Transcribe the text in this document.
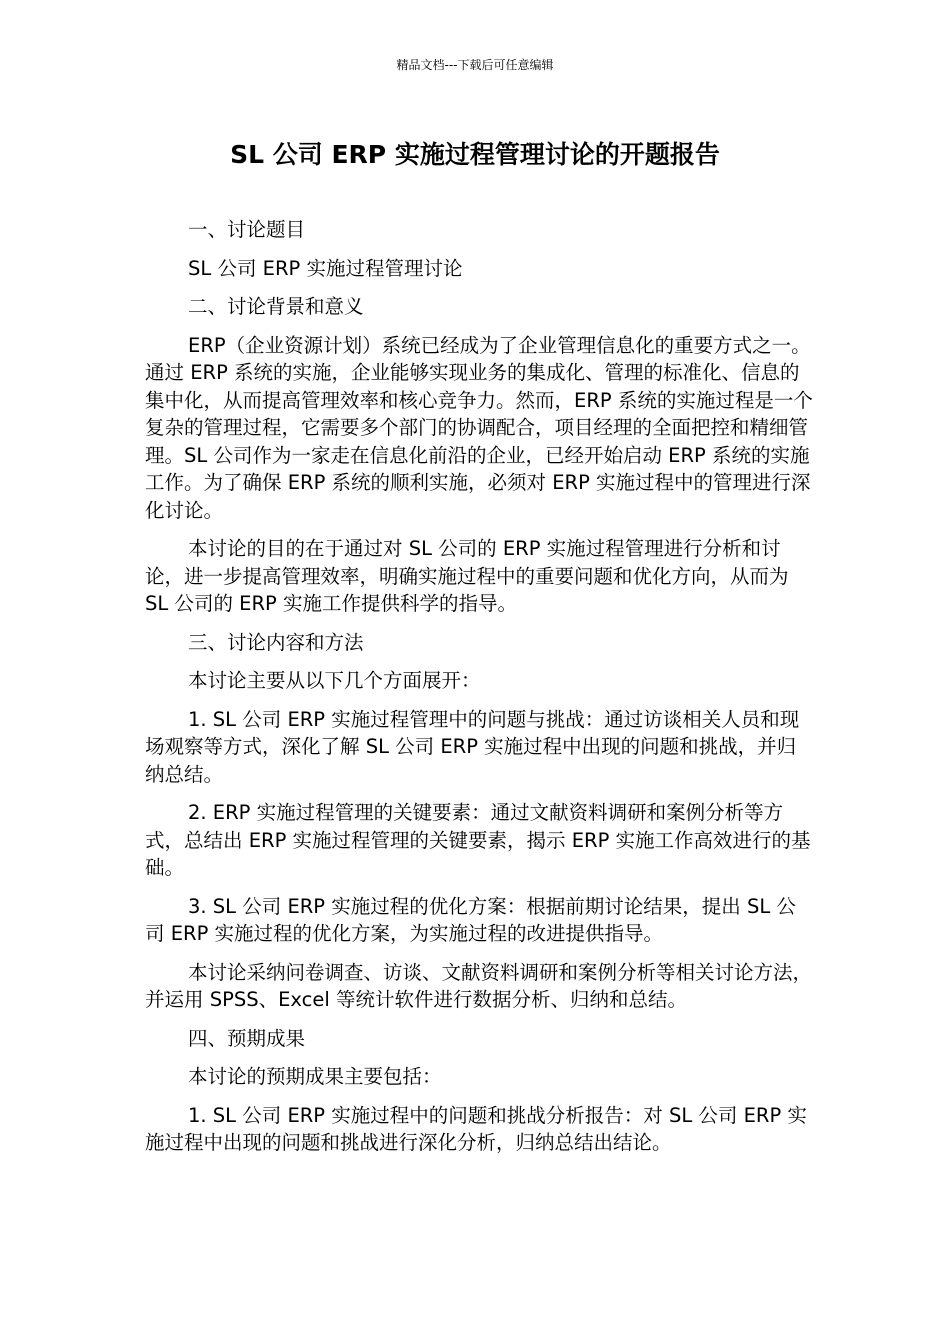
精品文档---下载后可任意编辑
SL 公司 ERP 实施过程管理讨论的开题报告

一、讨论题目

SL 公司 ERP 实施过程管理讨论

二、讨论背景和意义

ERP（企业资源计划）系统已经成为了企业管理信息化的重要方式之一。通过 ERP 系统的实施，企业能够实现业务的集成化、管理的标准化、信息的集中化，从而提高管理效率和核心竞争力。然而，ERP 系统的实施过程是一个复杂的管理过程，它需要多个部门的协调配合，项目经理的全面把控和精细管理。SL 公司作为一家走在信息化前沿的企业，已经开始启动 ERP 系统的实施工作。为了确保 ERP 系统的顺利实施，必须对 ERP 实施过程中的管理进行深化讨论。

本讨论的目的在于通过对 SL 公司的 ERP 实施过程管理进行分析和讨论，进一步提高管理效率，明确实施过程中的重要问题和优化方向，从而为 SL 公司的 ERP 实施工作提供科学的指导。

三、讨论内容和方法

本讨论主要从以下几个方面展开：

1. SL 公司 ERP 实施过程管理中的问题与挑战：通过访谈相关人员和现场观察等方式，深化了解 SL 公司 ERP 实施过程中出现的问题和挑战，并归纳总结。

2. ERP 实施过程管理的关键要素：通过文献资料调研和案例分析等方式，总结出 ERP 实施过程管理的关键要素，揭示 ERP 实施工作高效进行的基础。

3. SL 公司 ERP 实施过程的优化方案：根据前期讨论结果，提出 SL 公司 ERP 实施过程的优化方案，为实施过程的改进提供指导。

本讨论采纳问卷调查、访谈、文献资料调研和案例分析等相关讨论方法，并运用 SPSS、Excel 等统计软件进行数据分析、归纳和总结。

四、预期成果

本讨论的预期成果主要包括：

1. SL 公司 ERP 实施过程中的问题和挑战分析报告：对 SL 公司 ERP 实施过程中出现的问题和挑战进行深化分析，归纳总结出结论。
